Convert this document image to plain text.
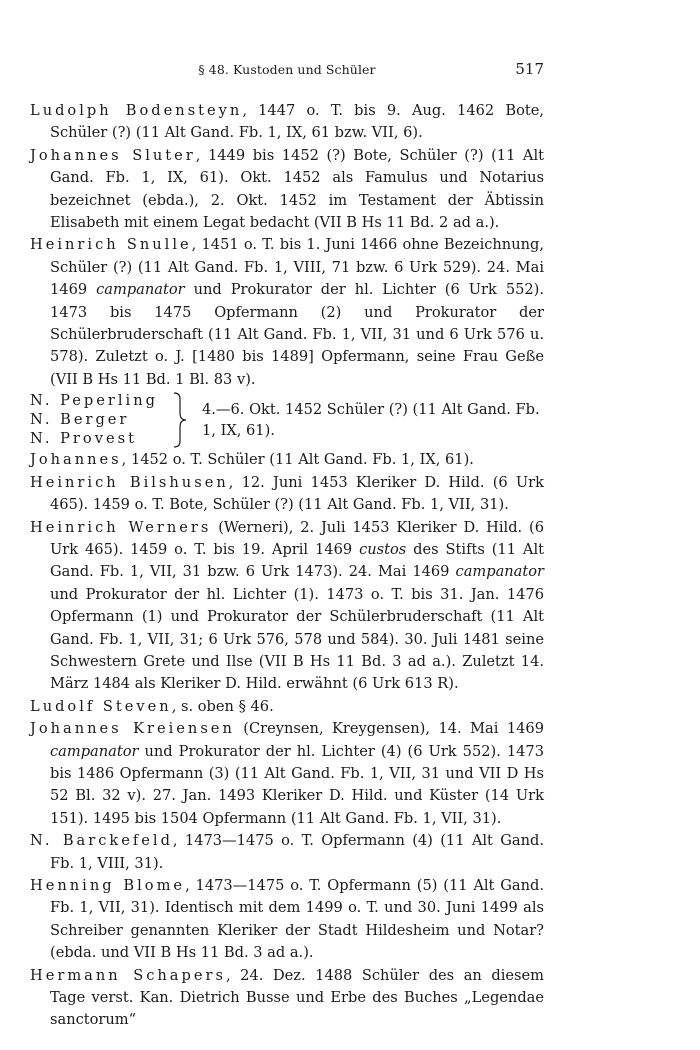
§ 48. Kustoden und Schüler	517

Ludolph Bodensteyn, 1447 o. T. bis 9. Aug. 1462 Bote, Schüler (?) (11 Alt Gand. Fb. 1, IX, 61 bzw. VII, 6).

Johannes Sluter, 1449 bis 1452 (?) Bote, Schüler (?) (11 Alt Gand. Fb. 1, IX, 61). Okt. 1452 als Famulus und Notarius bezeichnet (ebda.), 2. Okt. 1452 im Testament der Äbtissin Elisabeth mit einem Legat bedacht (VII B Hs 11 Bd. 2 ad a.).

Heinrich Snulle, 1451 o. T. bis 1. Juni 1466 ohne Bezeichnung, Schüler (?) (11 Alt Gand. Fb. 1, VIII, 71 bzw. 6 Urk 529). 24. Mai 1469 campanator und Prokurator der hl. Lichter (6 Urk 552). 1473 bis 1475 Opfermann (2) und Prokurator der Schülerbruderschaft (11 Alt Gand. Fb. 1, VII, 31 und 6 Urk 576 u. 578). Zuletzt o. J. [1480 bis 1489] Opfermann, seine Frau Geße (VII B Hs 11 Bd. 1 Bl. 83 v).

N. Peperling
N. Berger
N. Provest
4.—6. Okt. 1452 Schüler (?) (11 Alt Gand. Fb. 1, IX, 61).

Johannes, 1452 o. T. Schüler (11 Alt Gand. Fb. 1, IX, 61).

Heinrich Bilshusen, 12. Juni 1453 Kleriker D. Hild. (6 Urk 465). 1459 o. T. Bote, Schüler (?) (11 Alt Gand. Fb. 1, VII, 31).

Heinrich Werners (Werneri), 2. Juli 1453 Kleriker D. Hild. (6 Urk 465). 1459 o. T. bis 19. April 1469 custos des Stifts (11 Alt Gand. Fb. 1, VII, 31 bzw. 6 Urk 1473). 24. Mai 1469 campanator und Prokurator der hl. Lichter (1). 1473 o. T. bis 31. Jan. 1476 Opfermann (1) und Prokurator der Schülerbruderschaft (11 Alt Gand. Fb. 1, VII, 31; 6 Urk 576, 578 und 584). 30. Juli 1481 seine Schwestern Grete und Ilse (VII B Hs 11 Bd. 3 ad a.). Zuletzt 14. März 1484 als Kleriker D. Hild. erwähnt (6 Urk 613 R).

Ludolf Steven, s. oben § 46.

Johannes Kreiensen (Creynsen, Kreygensen), 14. Mai 1469 campanator und Prokurator der hl. Lichter (4) (6 Urk 552). 1473 bis 1486 Opfermann (3) (11 Alt Gand. Fb. 1, VII, 31 und VII D Hs 52 Bl. 32 v). 27. Jan. 1493 Kleriker D. Hild. und Küster (14 Urk 151). 1495 bis 1504 Opfermann (11 Alt Gand. Fb. 1, VII, 31).

N. Barckefeld, 1473—1475 o. T. Opfermann (4) (11 Alt Gand. Fb. 1, VIII, 31).

Henning Blome, 1473—1475 o. T. Opfermann (5) (11 Alt Gand. Fb. 1, VII, 31). Identisch mit dem 1499 o. T. und 30. Juni 1499 als Schreiber genannten Kleriker der Stadt Hildesheim und Notar? (ebda. und VII B Hs 11 Bd. 3 ad a.).

Hermann Schapers, 24. Dez. 1488 Schüler des an diesem Tage verst. Kan. Dietrich Busse und Erbe des Buches „Legendae sanctorum“
